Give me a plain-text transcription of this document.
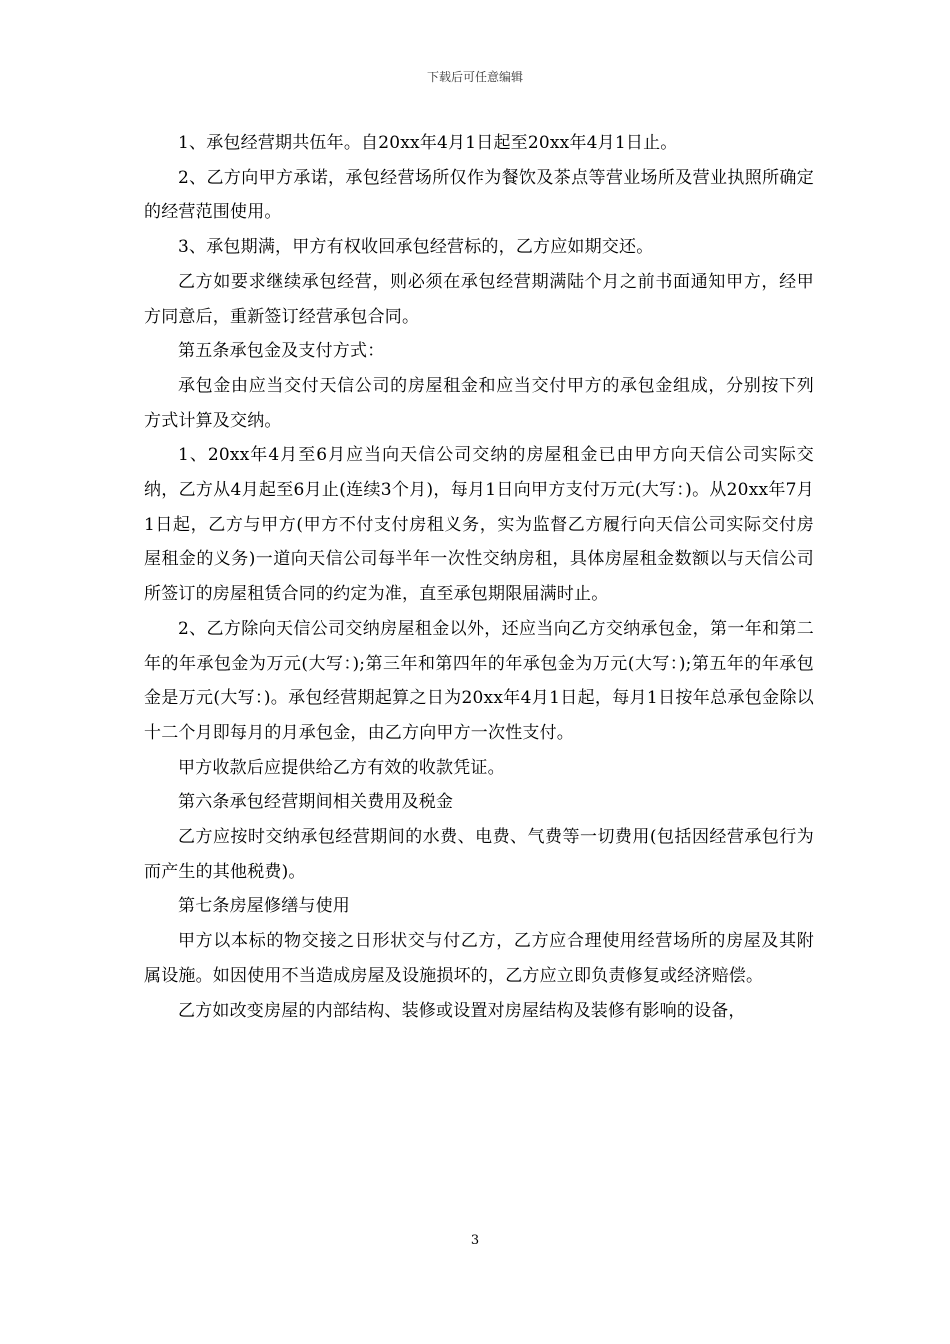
下载后可任意编辑

1、承包经营期共伍年。自20xx年4月1日起至20xx年4月1日止。

2、乙方向甲方承诺，承包经营场所仅作为餐饮及茶点等营业场所及营业执照所确定的经营范围使用。

3、承包期满，甲方有权收回承包经营标的，乙方应如期交还。

乙方如要求继续承包经营，则必须在承包经营期满陆个月之前书面通知甲方，经甲方同意后，重新签订经营承包合同。

第五条承包金及支付方式：

承包金由应当交付天信公司的房屋租金和应当交付甲方的承包金组成，分别按下列方式计算及交纳。

1、20xx年4月至6月应当向天信公司交纳的房屋租金已由甲方向天信公司实际交纳，乙方从4月起至6月止(连续3个月)，每月1日向甲方支付万元(大写：)。从20xx年7月1日起，乙方与甲方(甲方不付支付房租义务，实为监督乙方履行向天信公司实际交付房屋租金的义务)一道向天信公司每半年一次性交纳房租，具体房屋租金数额以与天信公司所签订的房屋租赁合同的约定为准，直至承包期限届满时止。

2、乙方除向天信公司交纳房屋租金以外，还应当向乙方交纳承包金，第一年和第二年的年承包金为万元(大写：);第三年和第四年的年承包金为万元(大写：);第五年的年承包金是万元(大写：)。承包经营期起算之日为20xx年4月1日起，每月1日按年总承包金除以十二个月即每月的月承包金，由乙方向甲方一次性支付。

甲方收款后应提供给乙方有效的收款凭证。

第六条承包经营期间相关费用及税金

乙方应按时交纳承包经营期间的水费、电费、气费等一切费用(包括因经营承包行为而产生的其他税费)。

第七条房屋修缮与使用

甲方以本标的物交接之日形状交与付乙方，乙方应合理使用经营场所的房屋及其附属设施。如因使用不当造成房屋及设施损坏的，乙方应立即负责修复或经济赔偿。

乙方如改变房屋的内部结构、装修或设置对房屋结构及装修有影响的设备，

3
